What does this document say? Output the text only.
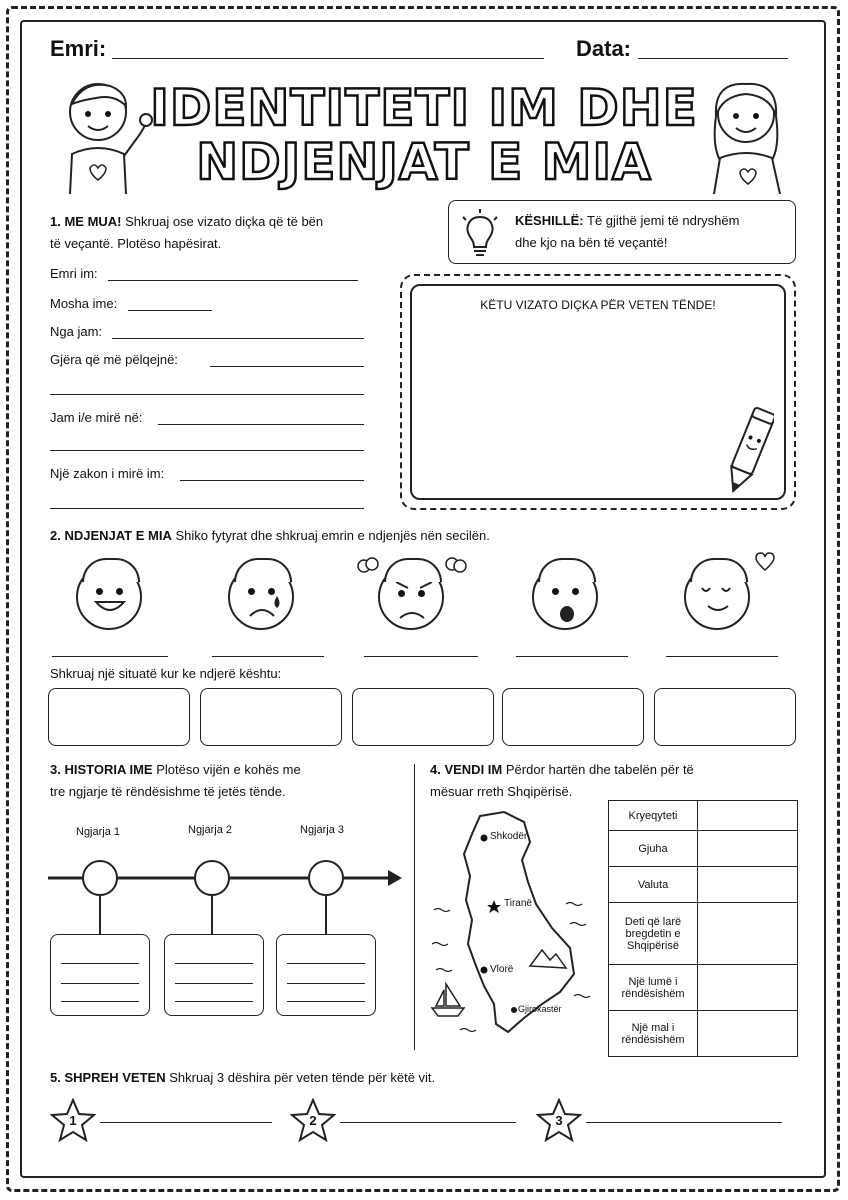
Emri:	Data:
IDENTITETI IM DHE
NDJENJAT E MIA
1. ME MUA! Shkruaj ose vizato diçka që të bën
të veçantë. Plotëso hapësirat.
Emri im:
Mosha ime:
Nga jam:
Gjëra që më pëlqejnë:
Jam i/e mirë në:
Një zakon i mirë im:
KËSHILLË: Të gjithë jemi të ndryshëm
dhe kjo na bën të veçantë!
KËTU VIZATO DIÇKA PËR VETEN TËNDE!
2. NDJENJAT E MIA Shiko fytyrat dhe shkruaj emrin e ndjenjës nën secilën.
Shkruaj një situatë kur ke ndjerë kështu:
3. HISTORIA IME Plotëso vijën e kohës me
tre ngjarje të rëndësishme të jetës tënde.
Ngjarja 1	Ngjarja 2	Ngjarja 3
4. VENDI IM Përdor hartën dhe tabelën për të
mësuar rreth Shqipërisë.
Shkodër
Tiranë
Vlorë
Gjirokastër
Kryeqyteti	
Gjuha	
Valuta	
Deti që larë bregdetin e Shqipërisë	
Një lumë i rëndësishëm	
Një mal i rëndësishëm	
5. SHPREH VETEN Shkruaj 3 dëshira për veten tënde për këtë vit.
1	2	3
